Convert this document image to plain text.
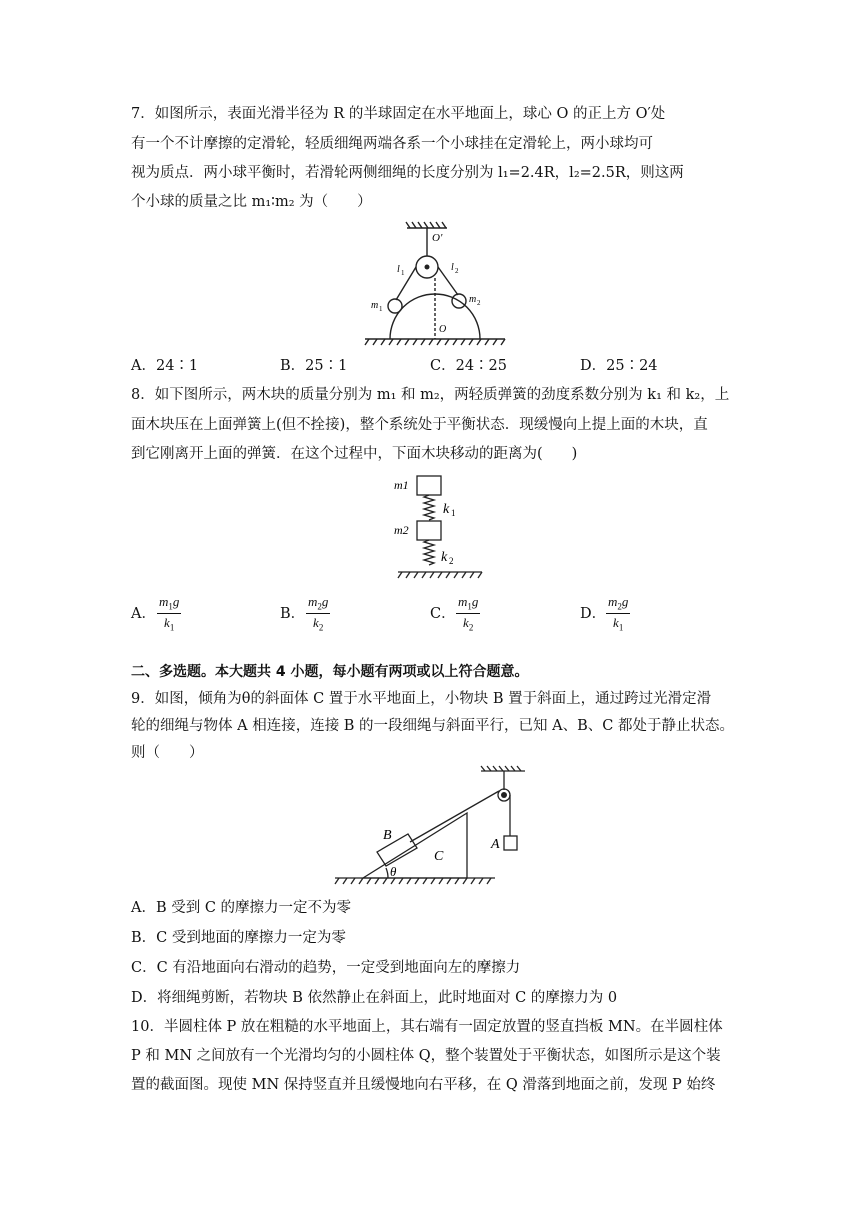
7．如图所示，表面光滑半径为 R 的半球固定在水平地面上，球心 O 的正上方 O′处
有一个不计摩擦的定滑轮，轻质细绳两端各系一个小球挂在定滑轮上，两小球均可
视为质点．两小球平衡时，若滑轮两侧细绳的长度分别为 l₁=2.4R，l₂=2.5R，则这两
个小球的质量之比 m₁∶m₂ 为（　　）
O'
O
l 1	l 2
m 1
m 2
A．24∶1	B．25∶1	C．24∶25	D．25∶24
8．如下图所示，两木块的质量分别为 m₁ 和 m₂，两轻质弹簧的劲度系数分别为 k₁ 和 k₂，上
面木块压在上面弹簧上(但不拴接)，整个系统处于平衡状态．现缓慢向上提上面的木块，直
到它刚离开上面的弹簧．在这个过程中，下面木块移动的距离为(　　)
m1
m2
k 1
k 2
A． $\frac{m_1g}{k_1}$	B． $\frac{m_2g}{k_2}$	C． $\frac{m_1g}{k_2}$	D． $\frac{m_2g}{k_1}$
二、多选题。本大题共 4 小题，每小题有两项或以上符合题意。
9．如图，倾角为θ的斜面体 C 置于水平地面上，小物块 B 置于斜面上，通过跨过光滑定滑
轮的细绳与物体 A 相连接，连接 B 的一段细绳与斜面平行，已知 A、B、C 都处于静止状态。
则（　　）
B
C
A
θ
A．B 受到 C 的摩擦力一定不为零
B．C 受到地面的摩擦力一定为零
C．C 有沿地面向右滑动的趋势，一定受到地面向左的摩擦力
D．将细绳剪断，若物块 B 依然静止在斜面上，此时地面对 C 的摩擦力为 0
10．半圆柱体 P 放在粗糙的水平地面上，其右端有一固定放置的竖直挡板 MN。在半圆柱体
P 和 MN 之间放有一个光滑均匀的小圆柱体 Q，整个装置处于平衡状态，如图所示是这个装
置的截面图。现使 MN 保持竖直并且缓慢地向右平移，在 Q 滑落到地面之前，发现 P 始终
